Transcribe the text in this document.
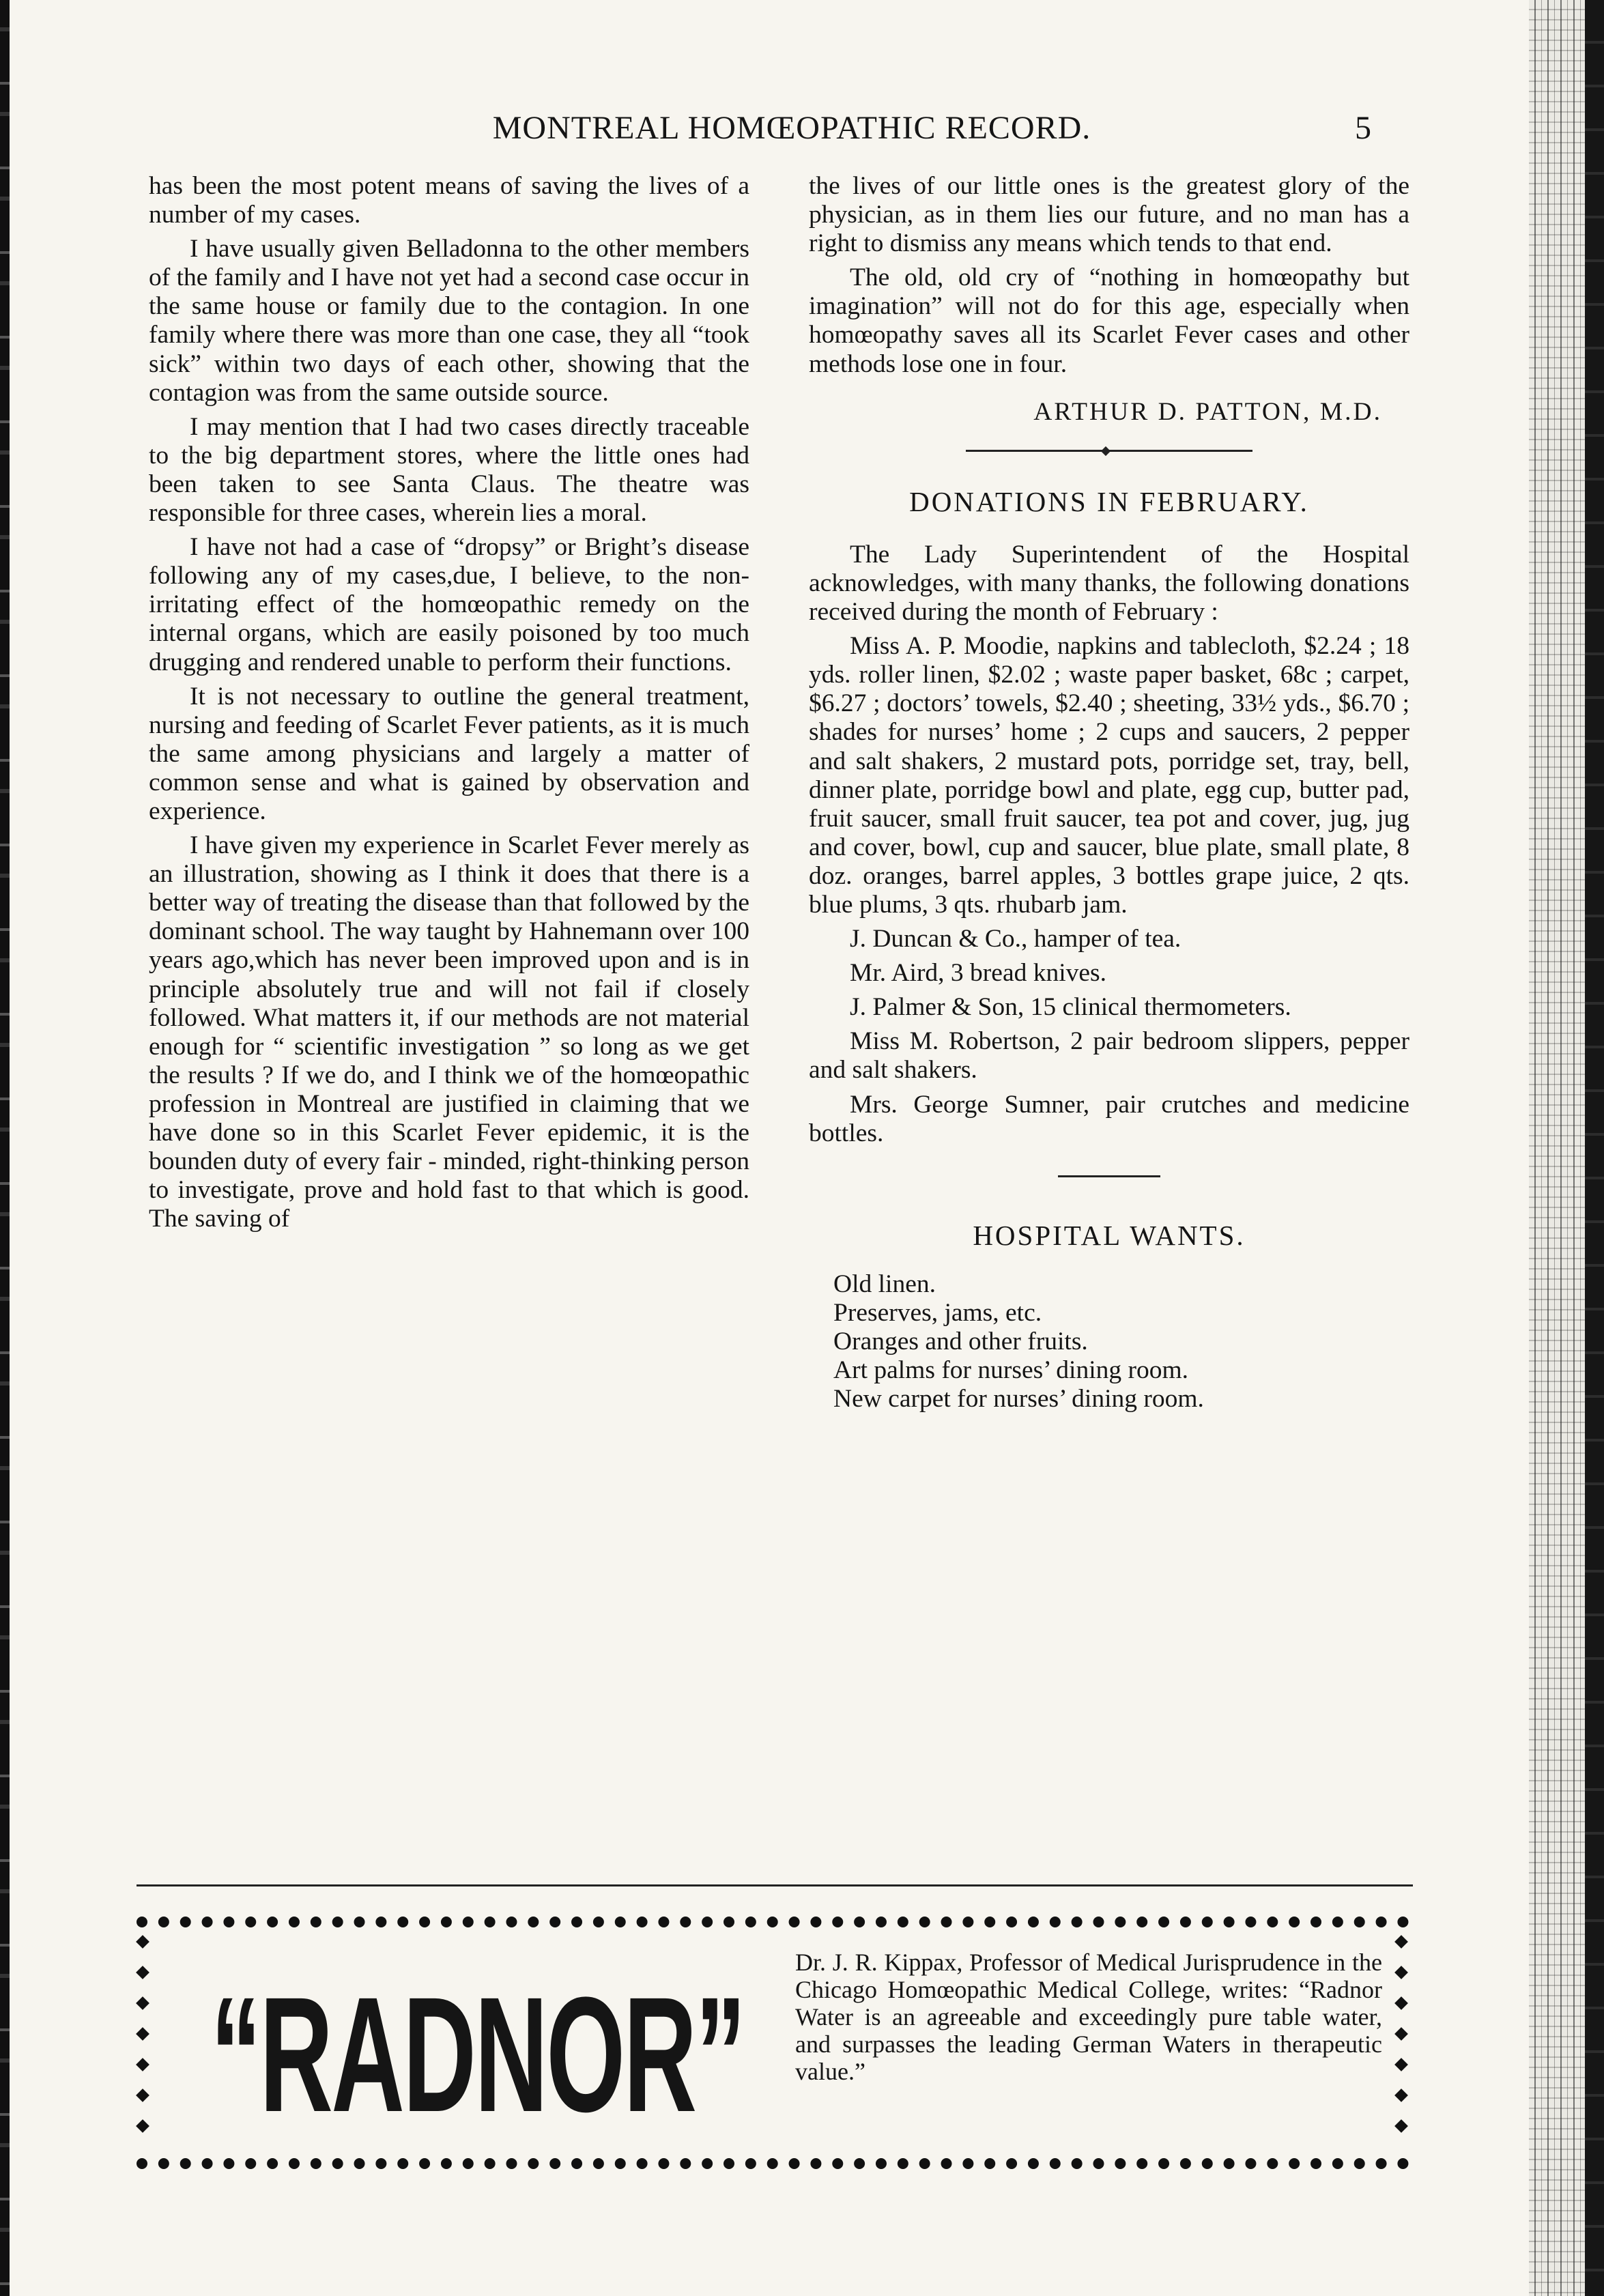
MONTREAL HOMŒOPATHIC RECORD.	5

has been the most potent means of saving the lives of a number of my cases.

I have usually given Belladonna to the other members of the family and I have not yet had a second case occur in the same house or family due to the contagion. In one family where there was more than one case, they all “took sick” within two days of each other, showing that the contagion was from the same outside source.

I may mention that I had two cases directly traceable to the big department stores, where the little ones had been taken to see Santa Claus. The theatre was responsible for three cases, wherein lies a moral.

I have not had a case of “dropsy” or Bright’s disease following any of my cases,due, I believe, to the non-irritating effect of the homœopathic remedy on the internal organs, which are easily poisoned by too much drugging and rendered unable to perform their functions.

It is not necessary to outline the general treatment, nursing and feeding of Scarlet Fever patients, as it is much the same among physicians and largely a matter of common sense and what is gained by observation and experience.

I have given my experience in Scarlet Fever merely as an illustration, showing as I think it does that there is a better way of treating the disease than that followed by the dominant school. The way taught by Hahnemann over 100 years ago,which has never been improved upon and is in principle absolutely true and will not fail if closely followed. What matters it, if our methods are not material enough for “ scientific investigation ” so long as we get the results ? If we do, and I think we of the homœopathic profession in Montreal are justified in claiming that we have done so in this Scarlet Fever epidemic, it is the bounden duty of every fair - minded, right-thinking person to investigate, prove and hold fast to that which is good. The saving of

the lives of our little ones is the greatest glory of the physician, as in them lies our future, and no man has a right to dismiss any means which tends to that end.

The old, old cry of “nothing in homœopathy but imagination” will not do for this age, especially when homœopathy saves all its Scarlet Fever cases and other methods lose one in four.

ARTHUR D. PATTON, M.D.

DONATIONS IN FEBRUARY.

The Lady Superintendent of the Hospital acknowledges, with many thanks, the following donations received during the month of February :

Miss A. P. Moodie, napkins and tablecloth, $2.24 ; 18 yds. roller linen, $2.02 ; waste paper basket, 68c ; carpet, $6.27 ; doctors’ towels, $2.40 ; sheeting, 33½ yds., $6.70 ; shades for nurses’ home ; 2 cups and saucers, 2 pepper and salt shakers, 2 mustard pots, porridge set, tray, bell, dinner plate, porridge bowl and plate, egg cup, butter pad, fruit saucer, small fruit saucer, tea pot and cover, jug, jug and cover, bowl, cup and saucer, blue plate, small plate, 8 doz. oranges, barrel apples, 3 bottles grape juice, 2 qts. blue plums, 3 qts. rhubarb jam.

J. Duncan & Co., hamper of tea.

Mr. Aird, 3 bread knives.

J. Palmer & Son, 15 clinical thermometers.

Miss M. Robertson, 2 pair bedroom slippers, pepper and salt shakers.

Mrs. George Sumner, pair crutches and medicine bottles.

HOSPITAL WANTS.
Old linen.
Preserves, jams, etc.
Oranges and other fruits.
Art palms for nurses’ dining room.
New carpet for nurses’ dining room.
“RADNOR”
Dr. J. R. Kippax, Professor of Medical Jurisprudence in the Chicago Homœopathic Medical College, writes: “Radnor Water is an agreeable and exceedingly pure table water, and surpasses the leading German Waters in therapeutic value.”
